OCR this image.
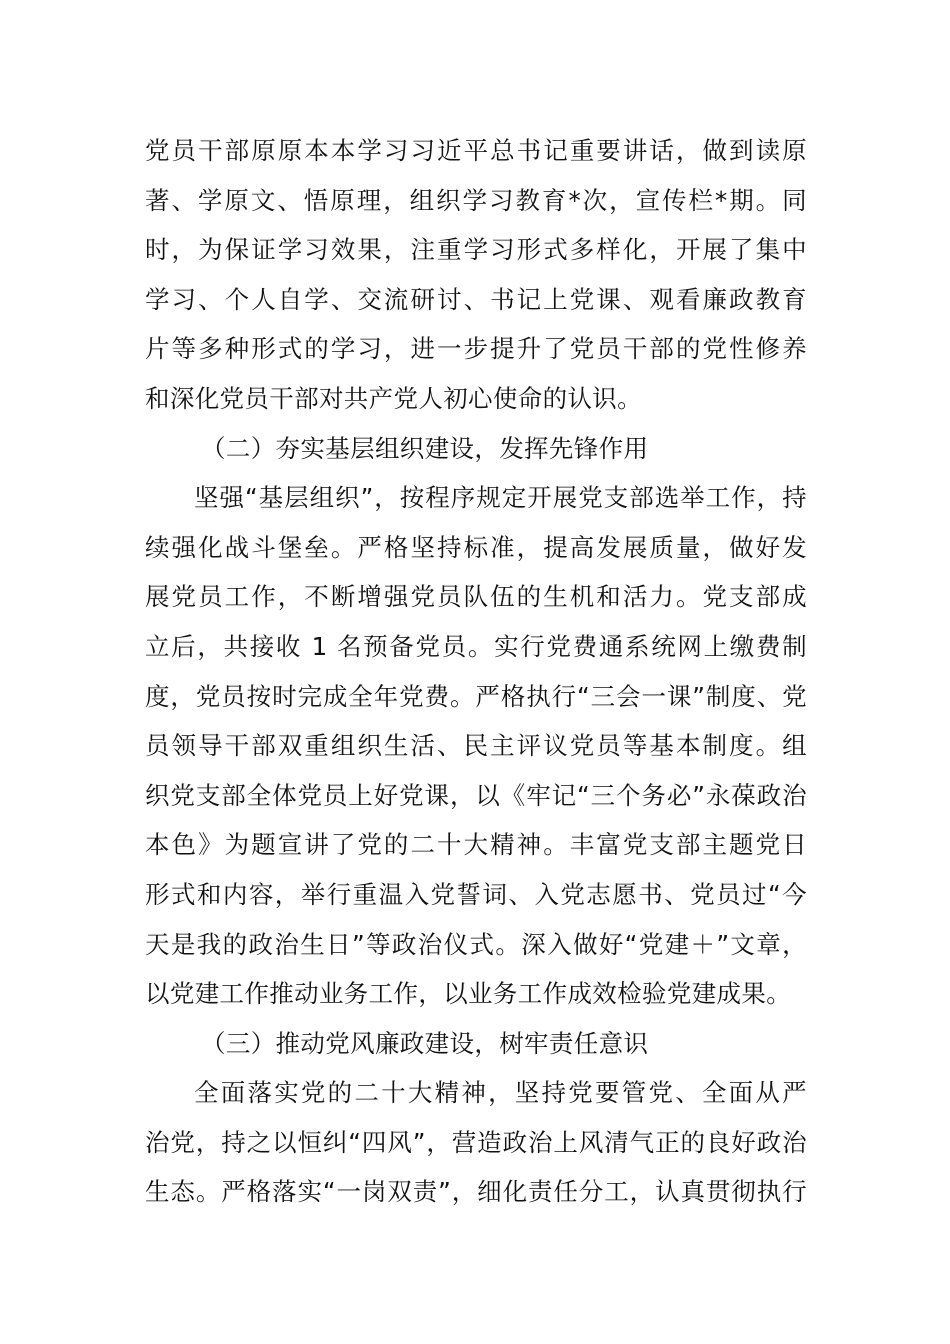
党员干部原原本本学习习近平总书记重要讲话，做到读原
著、学原文、悟原理，组织学习教育*次，宣传栏*期。同
时，为保证学习效果，注重学习形式多样化，开展了集中
学习、个人自学、交流研讨、书记上党课、观看廉政教育
片等多种形式的学习，进一步提升了党员干部的党性修养
和深化党员干部对共产党人初心使命的认识。
（二）夯实基层组织建设，发挥先锋作用
坚强“基层组织”，按程序规定开展党支部选举工作，持
续强化战斗堡垒。严格坚持标准，提高发展质量，做好发
展党员工作，不断增强党员队伍的生机和活力。党支部成
立后，共接收 1 名预备党员。实行党费通系统网上缴费制
度，党员按时完成全年党费。严格执行“三会一课”制度、党
员领导干部双重组织生活、民主评议党员等基本制度。组
织党支部全体党员上好党课，以《牢记“三个务必”永葆政治
本色》为题宣讲了党的二十大精神。丰富党支部主题党日
形式和内容，举行重温入党誓词、入党志愿书、党员过“今
天是我的政治生日”等政治仪式。深入做好“党建＋”文章，
以党建工作推动业务工作，以业务工作成效检验党建成果。
（三）推动党风廉政建设，树牢责任意识
全面落实党的二十大精神，坚持党要管党、全面从严
治党，持之以恒纠“四风”，营造政治上风清气正的良好政治
生态。严格落实“一岗双责”，细化责任分工，认真贯彻执行
